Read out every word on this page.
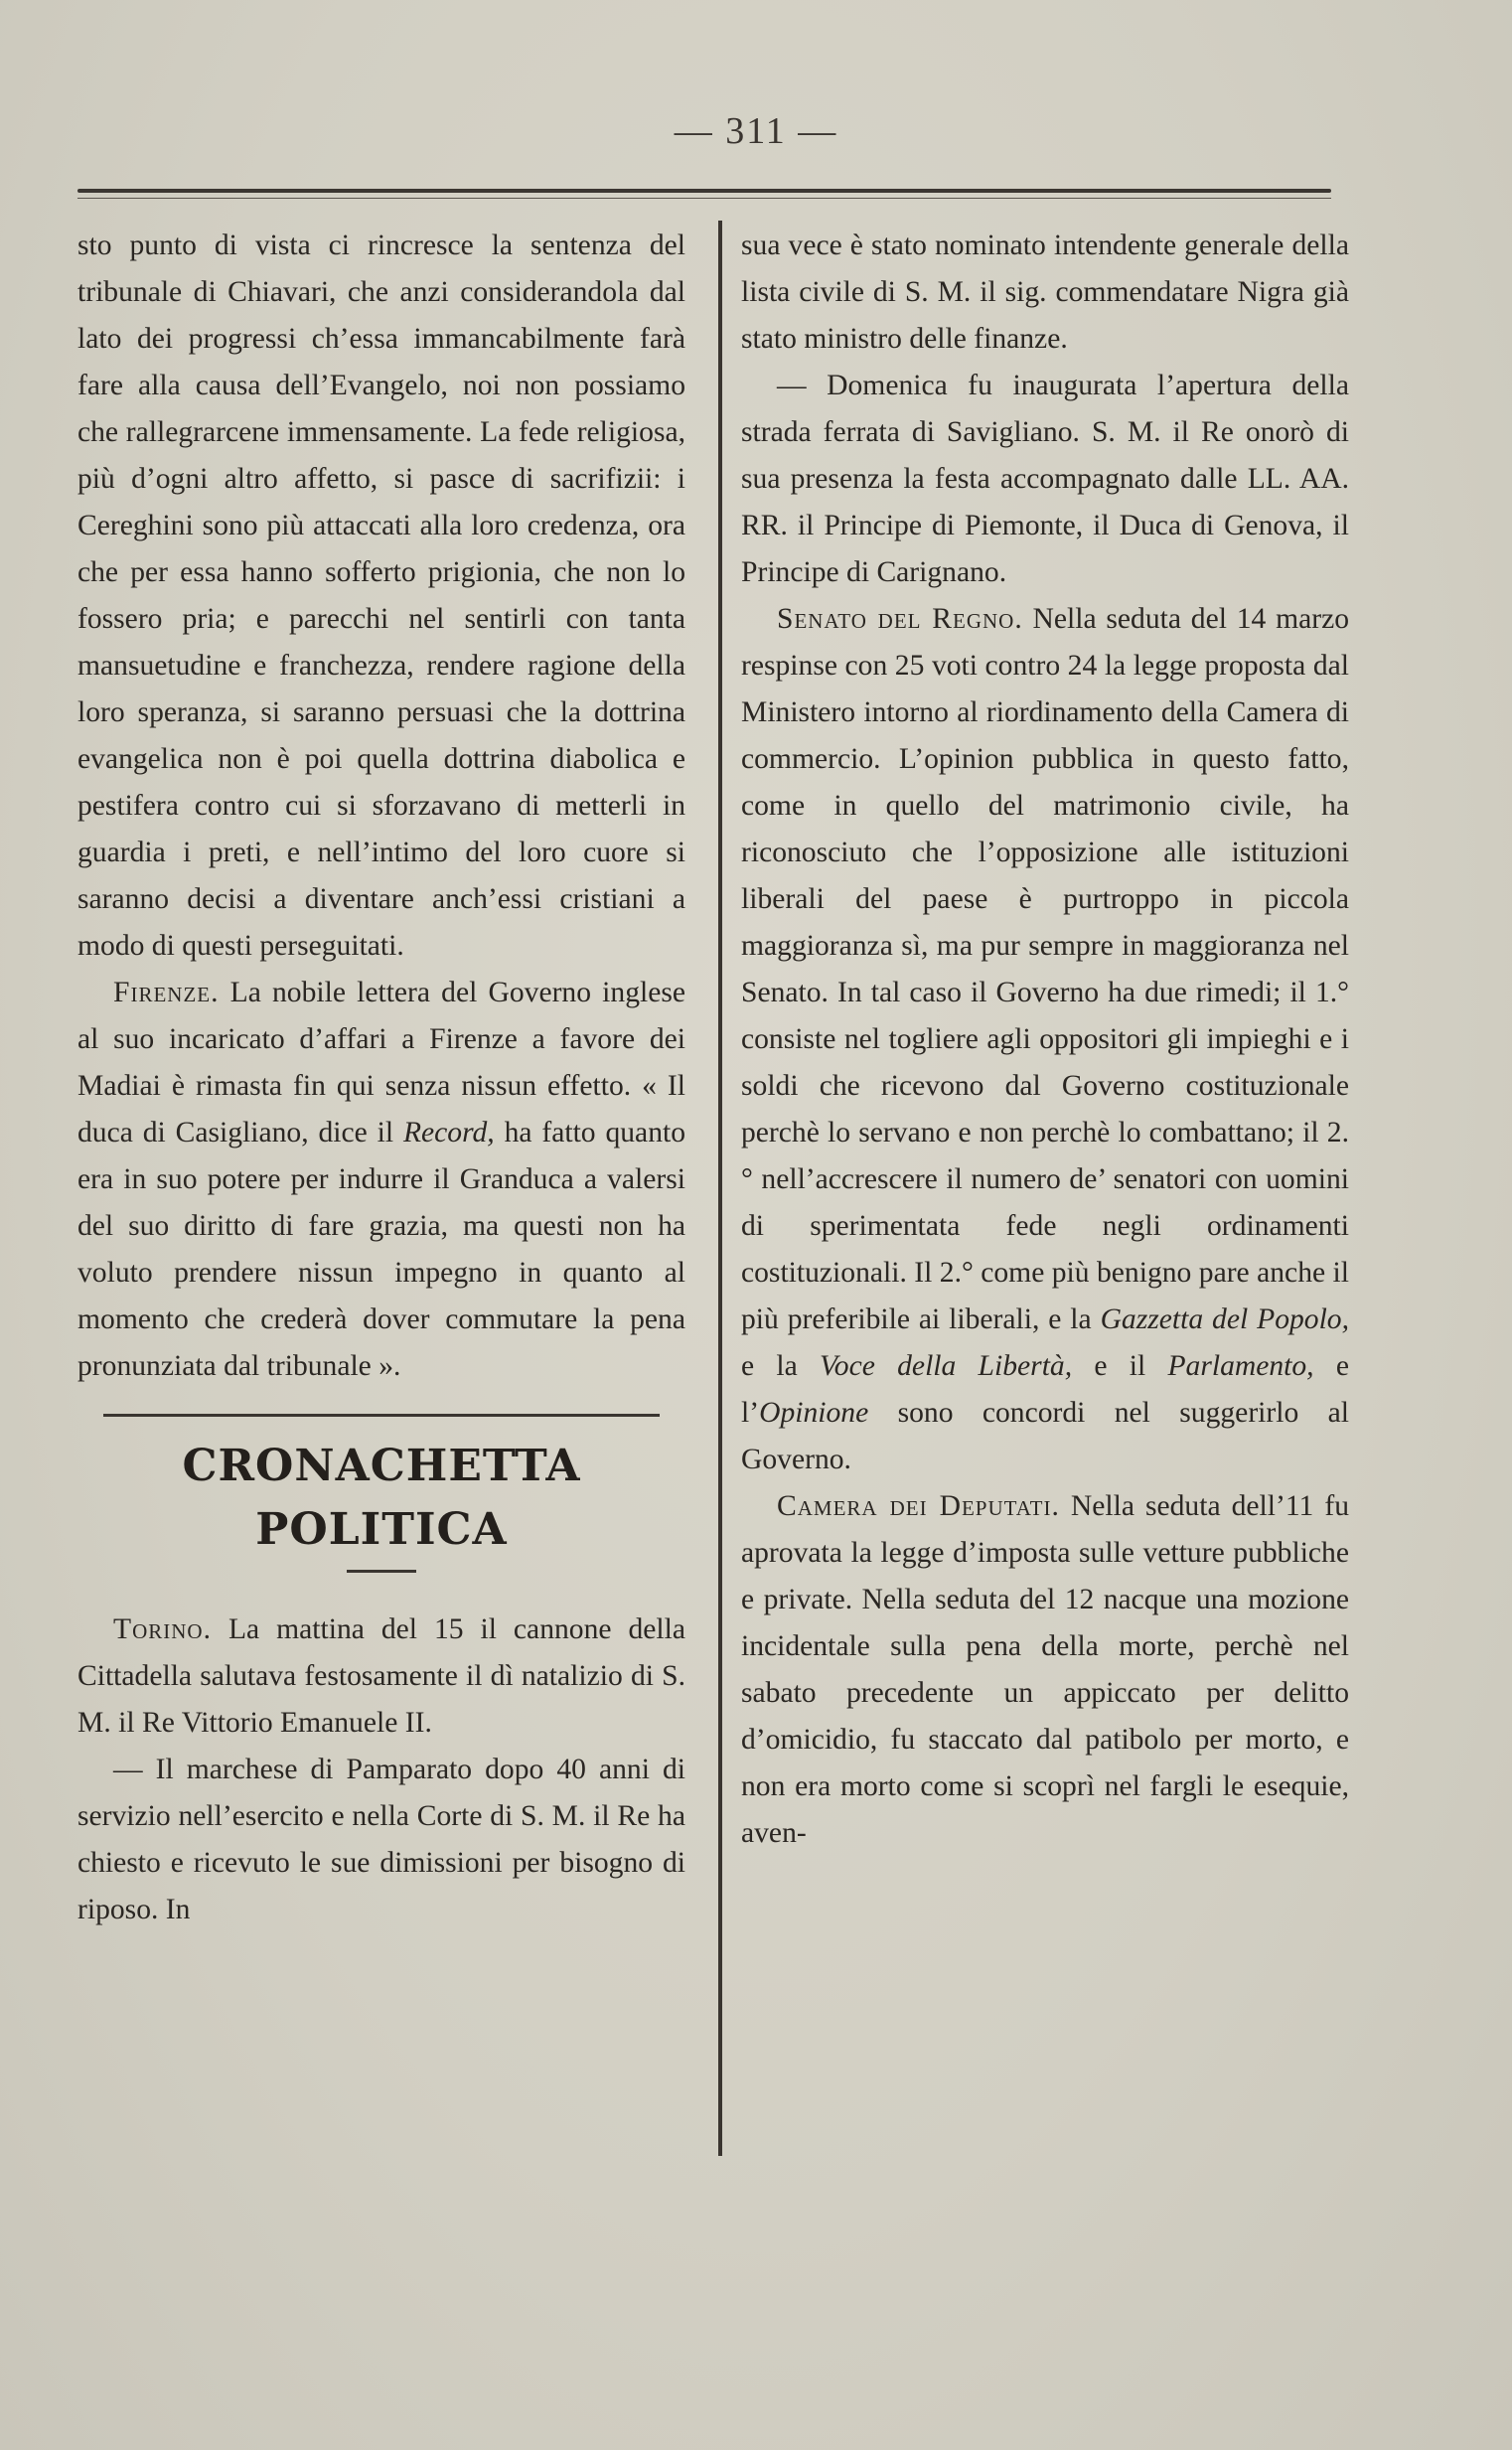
— 311 —

sto punto di vista ci rincresce la sentenza del tribunale di Chiavari, che anzi considerandola dal lato dei progressi ch’essa immancabilmente farà fare alla causa dell’Evangelo, noi non possiamo che rallegrarcene immensamente. La fede religiosa, più d’ogni altro affetto, si pasce di sacrifizii: i Cereghini sono più attaccati alla loro credenza, ora che per essa hanno sofferto prigionia, che non lo fossero pria; e parecchi nel sentirli con tanta mansuetudine e franchezza, rendere ragione della loro speranza, si saranno persuasi che la dottrina evangelica non è poi quella dottrina diabolica e pestifera contro cui si sforzavano di metterli in guardia i preti, e nell’intimo del loro cuore si saranno decisi a diventare anch’essi cristiani a modo di questi perseguitati.

Firenze. La nobile lettera del Governo inglese al suo incaricato d’affari a Firenze a favore dei Madiai è rimasta fin qui senza nissun effetto. « Il duca di Casigliano, dice il Record, ha fatto quanto era in suo potere per indurre il Granduca a valersi del suo diritto di fare grazia, ma questi non ha voluto prendere nissun impegno in quanto al momento che crederà dover commutare la pena pronunziata dal tribunale ».

CRONACHETTA POLITICA

Torino. La mattina del 15 il cannone della Cittadella salutava festosamente il dì natalizio di S. M. il Re Vittorio Emanuele II.

— Il marchese di Pamparato dopo 40 anni di servizio nell’esercito e nella Corte di S. M. il Re ha chiesto e ricevuto le sue dimissioni per bisogno di riposo. In

sua vece è stato nominato intendente generale della lista civile di S. M. il sig. commendatare Nigra già stato ministro delle finanze.

— Domenica fu inaugurata l’apertura della strada ferrata di Savigliano. S. M. il Re onorò di sua presenza la festa accompagnato dalle LL. AA. RR. il Principe di Piemonte, il Duca di Genova, il Principe di Carignano.

Senato del Regno. Nella seduta del 14 marzo respinse con 25 voti contro 24 la legge proposta dal Ministero intorno al riordinamento della Camera di commercio. L’opinion pubblica in questo fatto, come in quello del matrimonio civile, ha riconosciuto che l’opposizione alle istituzioni liberali del paese è purtroppo in piccola maggioranza sì, ma pur sempre in maggioranza nel Senato. In tal caso il Governo ha due rimedi; il 1.° consiste nel togliere agli oppositori gli impieghi e i soldi che ricevono dal Governo costituzionale perchè lo servano e non perchè lo combattano; il 2.° nell’accrescere il numero de’ senatori con uomini di sperimentata fede negli ordinamenti costituzionali. Il 2.° come più benigno pare anche il più preferibile ai liberali, e la Gazzetta del Popolo, e la Voce della Libertà, e il Parlamento, e l’Opinione sono concordi nel suggerirlo al Governo.

Camera dei Deputati. Nella seduta dell’11 fu aprovata la legge d’imposta sulle vetture pubbliche e private. Nella seduta del 12 nacque una mozione incidentale sulla pena della morte, perchè nel sabato precedente un appiccato per delitto d’omicidio, fu staccato dal patibolo per morto, e non era morto come si scoprì nel fargli le esequie, aven-
